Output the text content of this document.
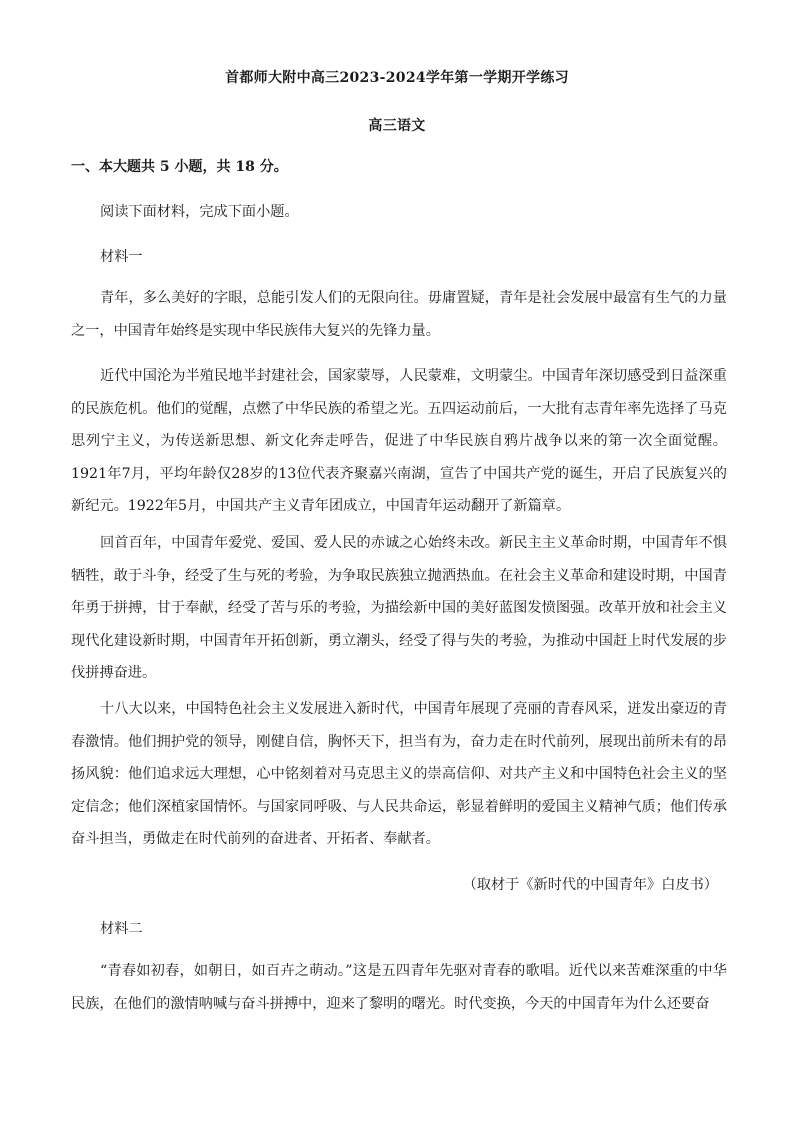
首都师大附中高三2023-2024学年第一学期开学练习
高三语文
一、本大题共 5 小题，共 18 分。
阅读下面材料，完成下面小题。
材料一

青年，多么美好的字眼，总能引发人们的无限向往。毋庸置疑，青年是社会发展中最富有生气的力量之一，中国青年始终是实现中华民族伟大复兴的先锋力量。

近代中国沦为半殖民地半封建社会，国家蒙辱，人民蒙难，文明蒙尘。中国青年深切感受到日益深重的民族危机。他们的觉醒，点燃了中华民族的希望之光。五四运动前后，一大批有志青年率先选择了马克思列宁主义，为传送新思想、新文化奔走呼告，促进了中华民族自鸦片战争以来的第一次全面觉醒。1921年7月，平均年龄仅28岁的13位代表齐聚嘉兴南湖，宣告了中国共产党的诞生，开启了民族复兴的新纪元。1922年5月，中国共产主义青年团成立，中国青年运动翻开了新篇章。

回首百年，中国青年爱党、爱国、爱人民的赤诚之心始终未改。新民主主义革命时期，中国青年不惧牺牲，敢于斗争，经受了生与死的考验，为争取民族独立抛洒热血。在社会主义革命和建设时期，中国青年勇于拼搏，甘于奉献，经受了苦与乐的考验，为描绘新中国的美好蓝图发愤图强。改革开放和社会主义现代化建设新时期，中国青年开拓创新，勇立潮头，经受了得与失的考验，为推动中国赶上时代发展的步伐拼搏奋进。

十八大以来，中国特色社会主义发展进入新时代，中国青年展现了亮丽的青春风采，迸发出豪迈的青春激情。他们拥护党的领导，刚健自信，胸怀天下，担当有为，奋力走在时代前列，展现出前所未有的昂扬风貌：他们追求远大理想，心中铭刻着对马克思主义的崇高信仰、对共产主义和中国特色社会主义的坚定信念；他们深植家国情怀。与国家同呼吸、与人民共命运，彰显着鲜明的爱国主义精神气质；他们传承奋斗担当，勇做走在时代前列的奋进者、开拓者、奉献者。

（取材于《新时代的中国青年》白皮书）
材料二

“青春如初春，如朝日，如百卉之萌动。”这是五四青年先驱对青春的歌唱。近代以来苦难深重的中华民族，在他们的激情呐喊与奋斗拼搏中，迎来了黎明的曙光。时代变换，今天的中国青年为什么还要奋
